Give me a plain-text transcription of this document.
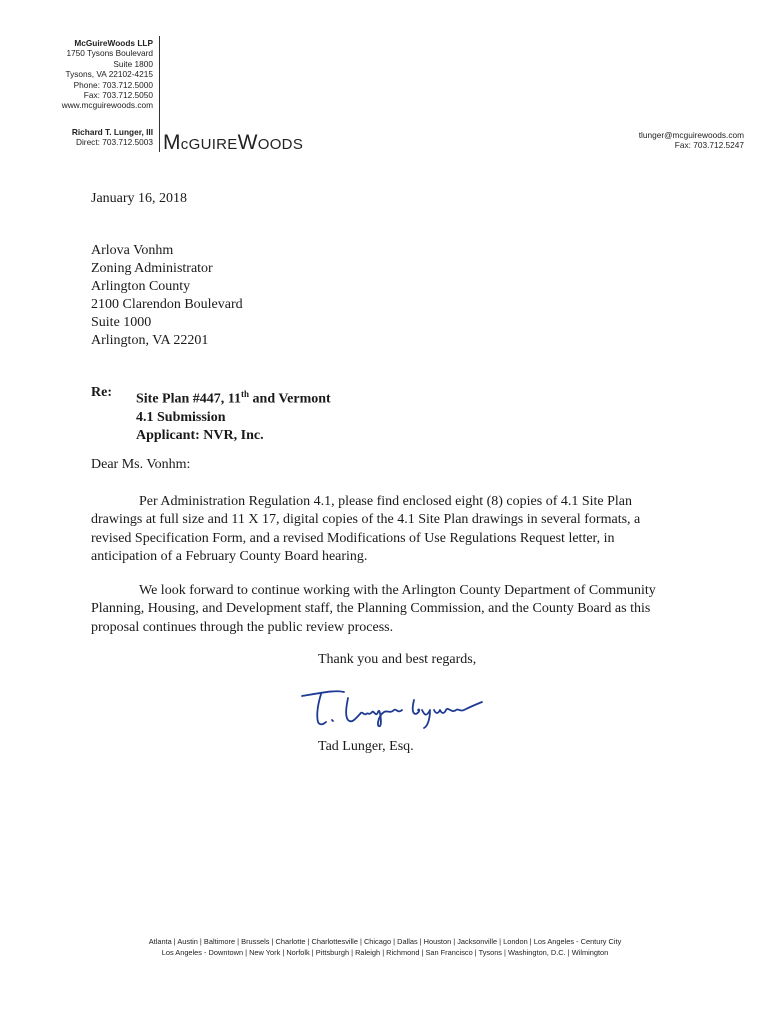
McGuireWoods LLP
1750 Tysons Boulevard
Suite 1800
Tysons, VA 22102-4215
Phone: 703.712.5000
Fax: 703.712.5050
www.mcguirewoods.com
Richard T. Lunger, III
Direct: 703.712.5003 McGUIREWOODS
tlunger@mcguirewoods.com
Fax: 703.712.5247
January 16, 2018
Arlova Vonhm
Zoning Administrator
Arlington County
2100 Clarendon Boulevard
Suite 1000
Arlington, VA 22201
Re: Site Plan #447, 11th and Vermont
4.1 Submission
Applicant: NVR, Inc.
Dear Ms. Vonhm:
Per Administration Regulation 4.1, please find enclosed eight (8) copies of 4.1 Site Plan drawings at full size and 11 X 17, digital copies of the 4.1 Site Plan drawings in several formats, a revised Specification Form, and a revised Modifications of Use Regulations Request letter, in anticipation of a February County Board hearing.
We look forward to continue working with the Arlington County Department of Community Planning, Housing, and Development staff, the Planning Commission, and the County Board as this proposal continues through the public review process.
Thank you and best regards,
Tad Lunger, Esq.
Atlanta | Austin | Baltimore | Brussels | Charlotte | Charlottesville | Chicago | Dallas | Houston | Jacksonville | London | Los Angeles - Century City
Los Angeles - Downtown | New York | Norfolk | Pittsburgh | Raleigh | Richmond | San Francisco | Tysons | Washington, D.C. | Wilmington
